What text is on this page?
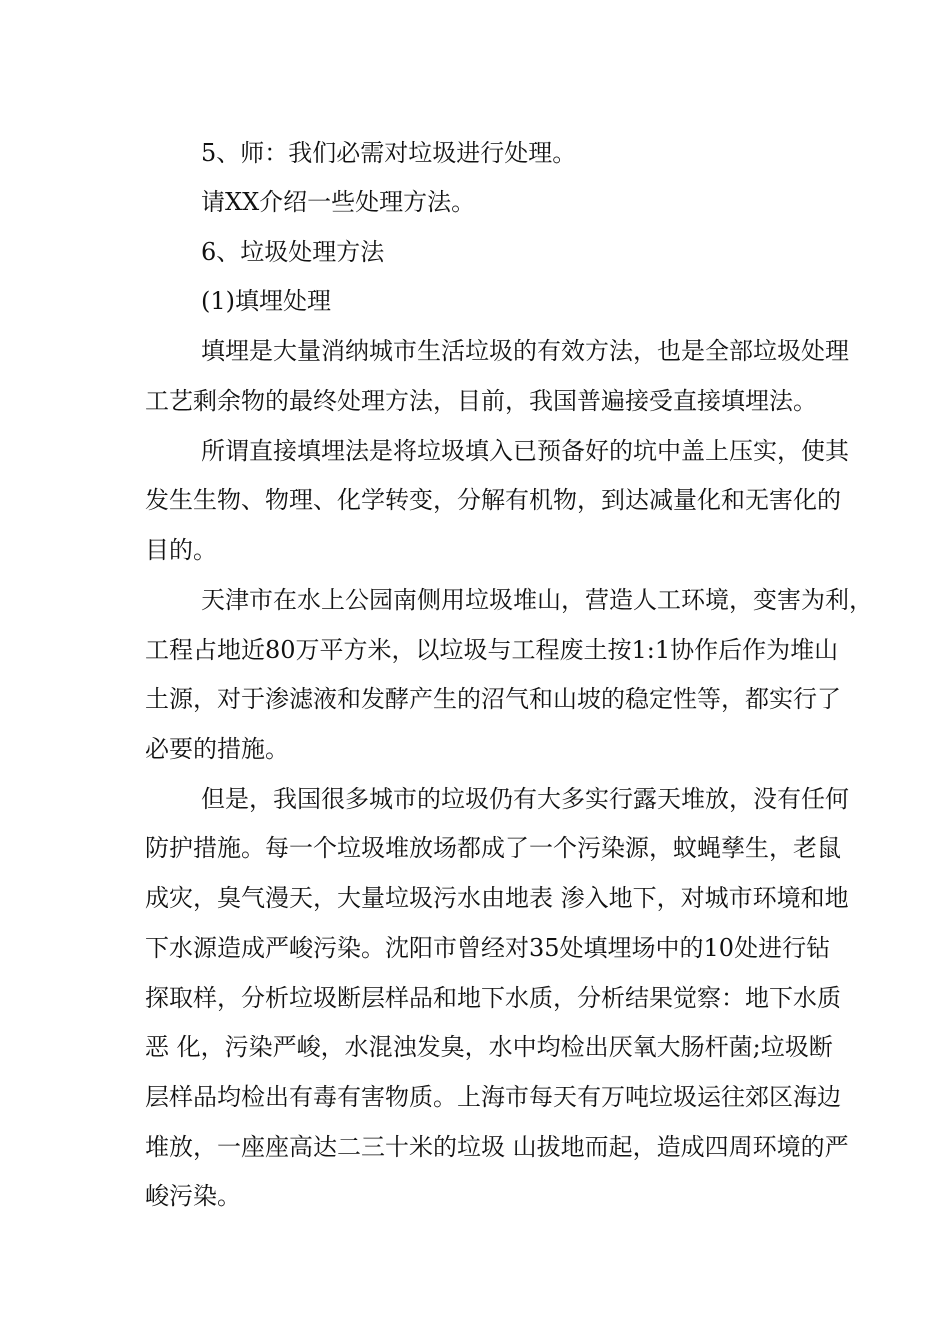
5、师：我们必需对垃圾进行处理。
请XX介绍一些处理方法。
6、垃圾处理方法
(1)填埋处理
填埋是大量消纳城市生活垃圾的有效方法，也是全部垃圾处理
工艺剩余物的最终处理方法，目前，我国普遍接受直接填埋法。
所谓直接填埋法是将垃圾填入已预备好的坑中盖上压实，使其
发生生物、物理、化学转变，分解有机物，到达减量化和无害化的
目的。
天津市在水上公园南侧用垃圾堆山，营造人工环境，变害为利，
工程占地近80万平方米，以垃圾与工程废土按1:1协作后作为堆山
土源，对于渗滤液和发酵产生的沼气和山坡的稳定性等，都实行了
必要的措施。
但是，我国很多城市的垃圾仍有大多实行露天堆放，没有任何
防护措施。每一个垃圾堆放场都成了一个污染源，蚊蝇孳生，老鼠
成灾，臭气漫天，大量垃圾污水由地表 渗入地下，对城市环境和地
下水源造成严峻污染。沈阳市曾经对35处填埋场中的10处进行钻
探取样，分析垃圾断层样品和地下水质，分析结果觉察：地下水质
恶 化，污染严峻，水混浊发臭，水中均检出厌氧大肠杆菌;垃圾断
层样品均检出有毒有害物质。上海市每天有万吨垃圾运往郊区海边
堆放，一座座高达二三十米的垃圾 山拔地而起，造成四周环境的严
峻污染。
